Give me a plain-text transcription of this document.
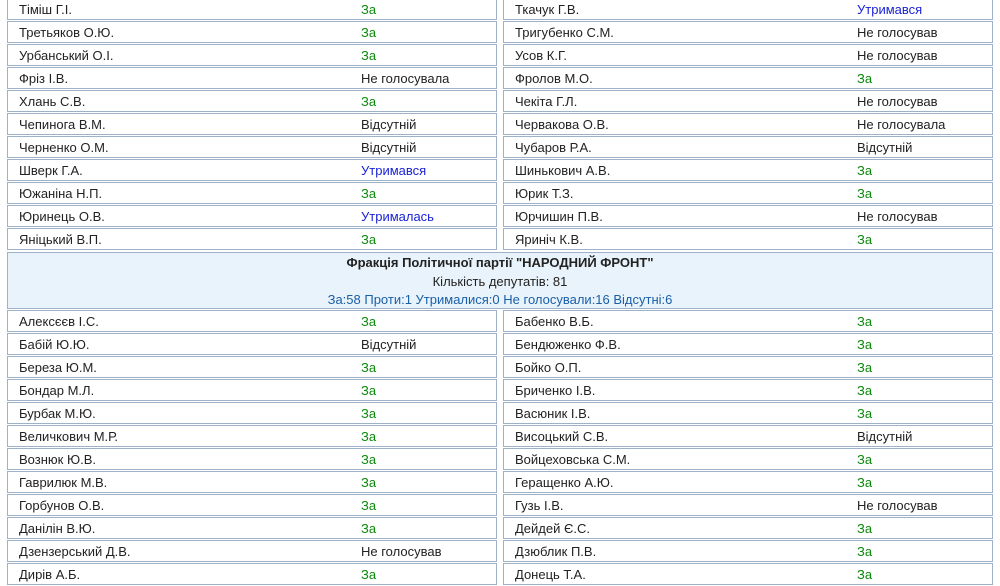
Тіміш Г.І.	За
Третьяков О.Ю.	За
Урбанський О.І.	За
Фріз І.В.	Не голосувала
Хлань С.В.	За
Чепинога В.М.	Відсутній
Черненко О.М.	Відсутній
Шверк Г.А.	Утримався
Южаніна Н.П.	За
Юринець О.В.	Утрималась
Яніцький В.П.	За
Ткачук Г.В.	Утримався
Тригубенко С.М.	Не голосував
Усов К.Г.	Не голосував
Фролов М.О.	За
Чекіта Г.Л.	Не голосував
Червакова О.В.	Не голосувала
Чубаров Р.А.	Відсутній
Шинькович А.В.	За
Юрик Т.З.	За
Юрчишин П.В.	Не голосував
Яриніч К.В.	За
Фракція Політичної партії "НАРОДНИЙ ФРОНТ"
Кількість депутатів: 81
За:58 Проти:1 Утрималися:0 Не голосували:16 Відсутні:6
Алексєєв І.С.	За
Бабій Ю.Ю.	Відсутній
Береза Ю.М.	За
Бондар М.Л.	За
Бурбак М.Ю.	За
Величкович М.Р.	За
Вознюк Ю.В.	За
Гаврилюк М.В.	За
Горбунов О.В.	За
Данілін В.Ю.	За
Дзензерський Д.В.	Не голосував
Дирів А.Б.	За
Бабенко В.Б.	За
Бендюженко Ф.В.	За
Бойко О.П.	За
Бриченко І.В.	За
Васюник І.В.	За
Висоцький С.В.	Відсутній
Войцеховська С.М.	За
Геращенко А.Ю.	За
Гузь І.В.	Не голосував
Дейдей Є.С.	За
Дзюблик П.В.	За
Донець Т.А.	За
